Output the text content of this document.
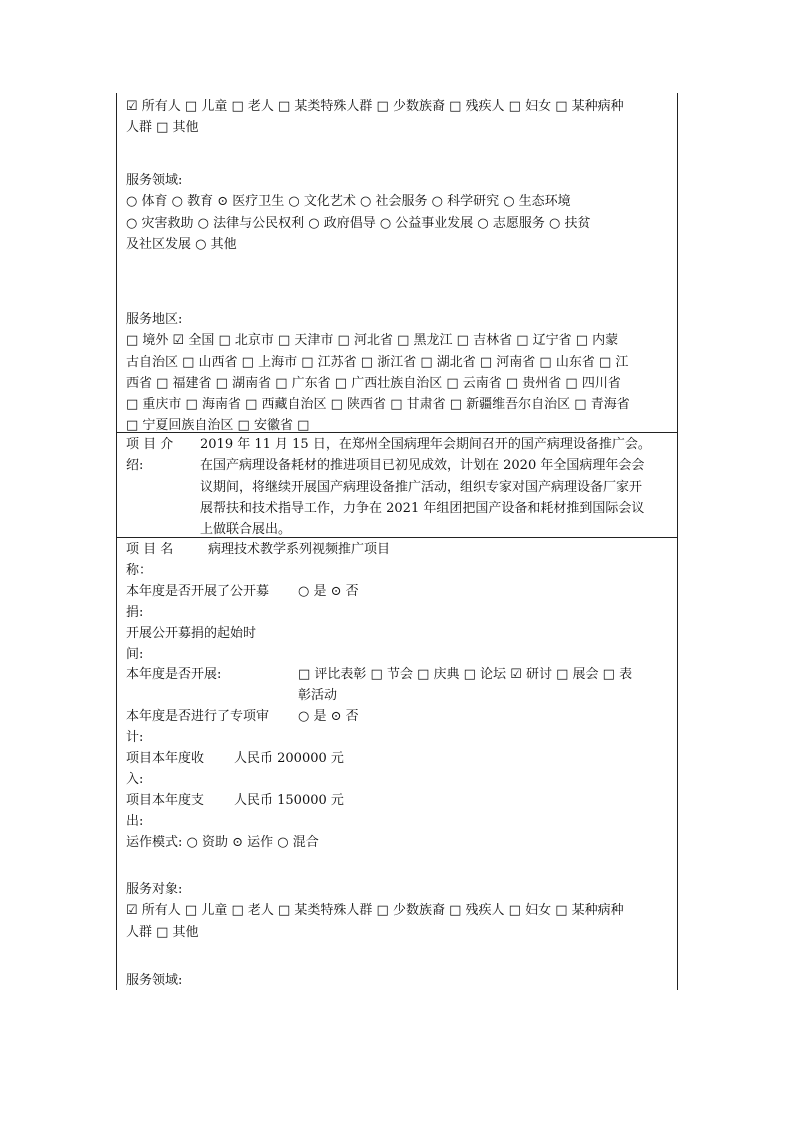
☑ 所有人 □ 儿童 □ 老人 □ 某类特殊人群 □ 少数族裔 □ 残疾人 □ 妇女 □ 某种病种
人群 □ 其他
服务领域:
○ 体育 ○ 教育 ⊙ 医疗卫生 ○ 文化艺术 ○ 社会服务 ○ 科学研究 ○ 生态环境
○ 灾害救助 ○ 法律与公民权利 ○ 政府倡导 ○ 公益事业发展 ○ 志愿服务 ○ 扶贫
及社区发展 ○ 其他
服务地区:
□ 境外 ☑ 全国 □ 北京市 □ 天津市 □ 河北省 □ 黑龙江 □ 吉林省 □ 辽宁省 □ 内蒙
古自治区 □ 山西省 □ 上海市 □ 江苏省 □ 浙江省 □ 湖北省 □ 河南省 □ 山东省 □ 江
西省 □ 福建省 □ 湖南省 □ 广东省 □ 广西壮族自治区 □ 云南省 □ 贵州省 □ 四川省
□ 重庆市 □ 海南省 □ 西藏自治区 □ 陕西省 □ 甘肃省 □ 新疆维吾尔自治区 □ 青海省
□ 宁夏回族自治区 □ 安徽省 □
项 目 介
绍:
2019 年 11 月 15 日，在郑州全国病理年会期间召开的国产病理设备推广会。
在国产病理设备耗材的推进项目已初见成效，计划在 2020 年全国病理年会会
议期间，将继续开展国产病理设备推广活动，组织专家对国产病理设备厂家开
展帮扶和技术指导工作，力争在 2021 年组团把国产设备和耗材推到国际会议
上做联合展出。
项 目 名
称：
病理技术教学系列视频推广项目
本年度是否开展了公开募
捐:
○ 是 ⊙ 否
开展公开募捐的起始时
间:
本年度是否开展:	□ 评比表彰 □ 节会 □ 庆典 □ 论坛 ☑ 研讨 □ 展会 □ 表
彰活动
本年度是否进行了专项审
计:
○ 是 ⊙ 否
项目本年度收
入:
人民币 200000 元
项目本年度支
出:
人民币 150000 元
运作模式: ○ 资助 ⊙ 运作 ○ 混合
服务对象:
☑ 所有人 □ 儿童 □ 老人 □ 某类特殊人群 □ 少数族裔 □ 残疾人 □ 妇女 □ 某种病种
人群 □ 其他
服务领域:
